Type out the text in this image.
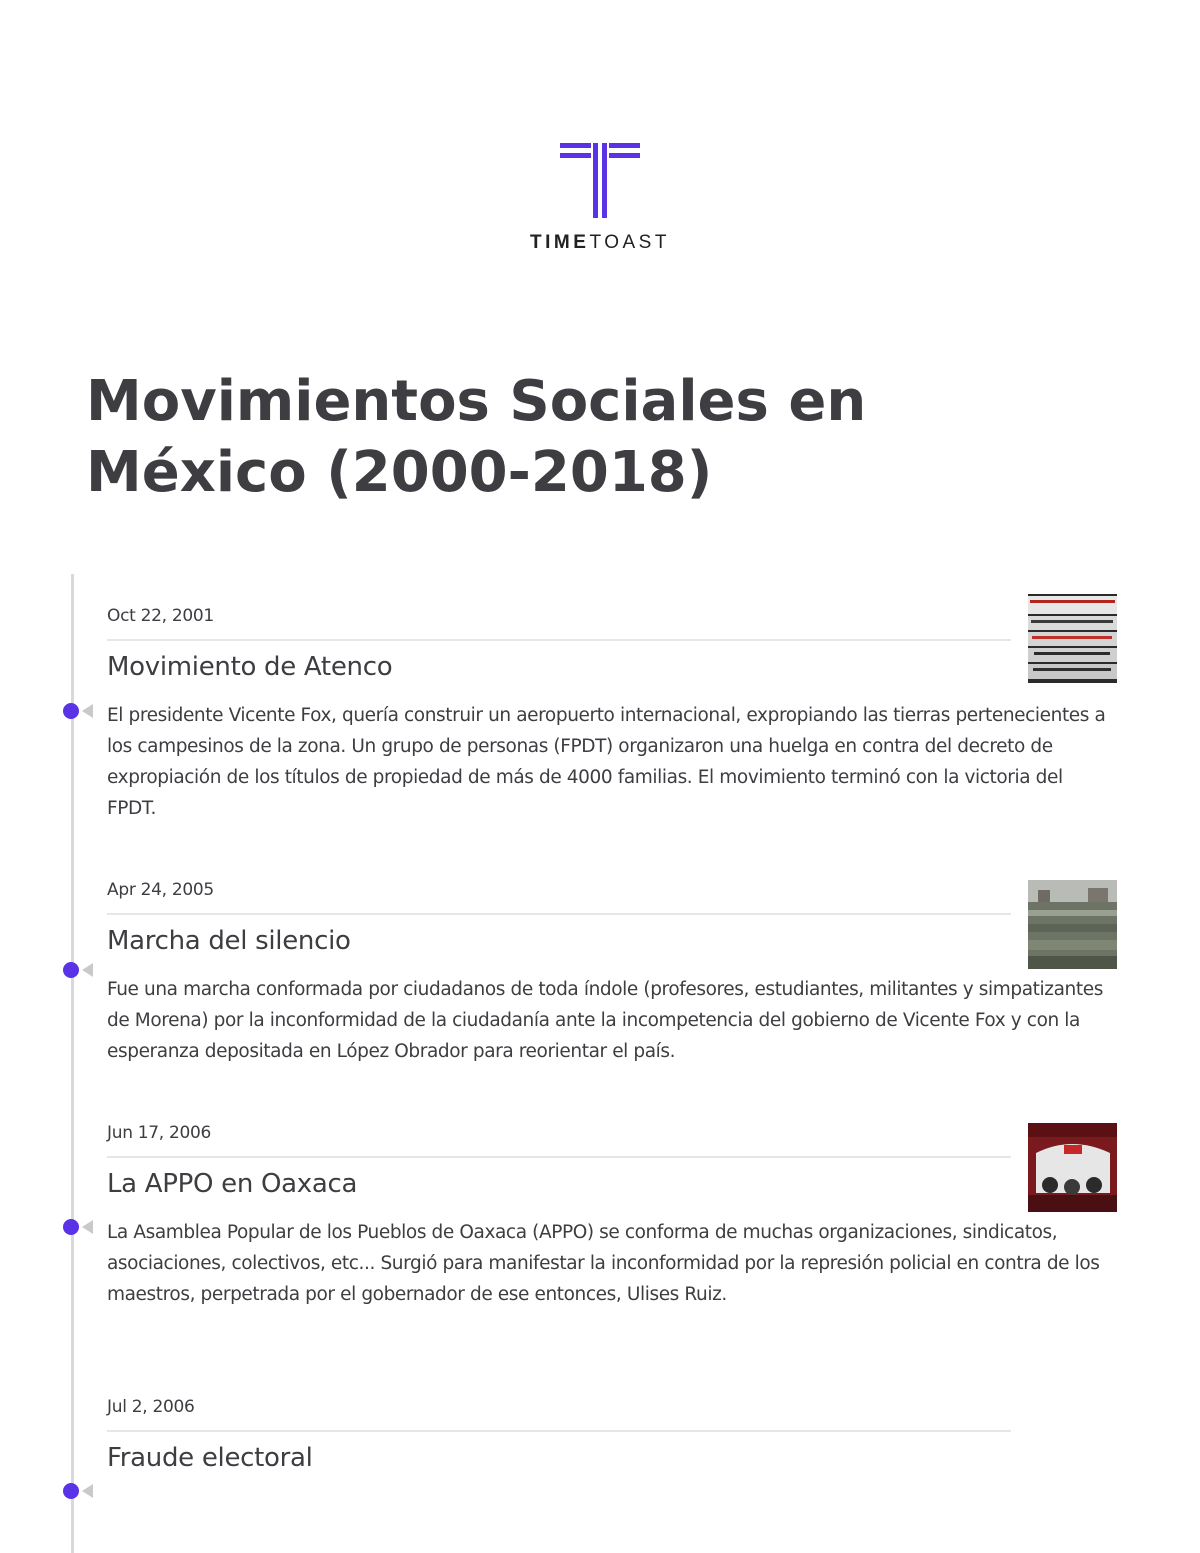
TIMETOAST
Movimientos Sociales en México (2000-2018)
Oct 22, 2001
Movimiento de Atenco

El presidente Vicente Fox, quería construir un aeropuerto internacional, expropiando las tierras pertenecientes a los campesinos de la zona. Un grupo de personas (FPDT) organizaron una huelga en contra del decreto de expropiación de los títulos de propiedad de más de 4000 familias. El movimiento terminó con la victoria del FPDT.

Apr 24, 2005
Marcha del silencio

Fue una marcha conformada por ciudadanos de toda índole (profesores, estudiantes, militantes y simpatizantes de Morena) por la inconformidad de la ciudadanía ante la incompetencia del gobierno de Vicente Fox y con la esperanza depositada en López Obrador para reorientar el país.

Jun 17, 2006
La APPO en Oaxaca

La Asamblea Popular de los Pueblos de Oaxaca (APPO) se conforma de muchas organizaciones, sindicatos, asociaciones, colectivos, etc... Surgió para manifestar la inconformidad por la represión policial en contra de los maestros, perpetrada por el gobernador de ese entonces, Ulises Ruiz.

Jul 2, 2006
Fraude electoral
